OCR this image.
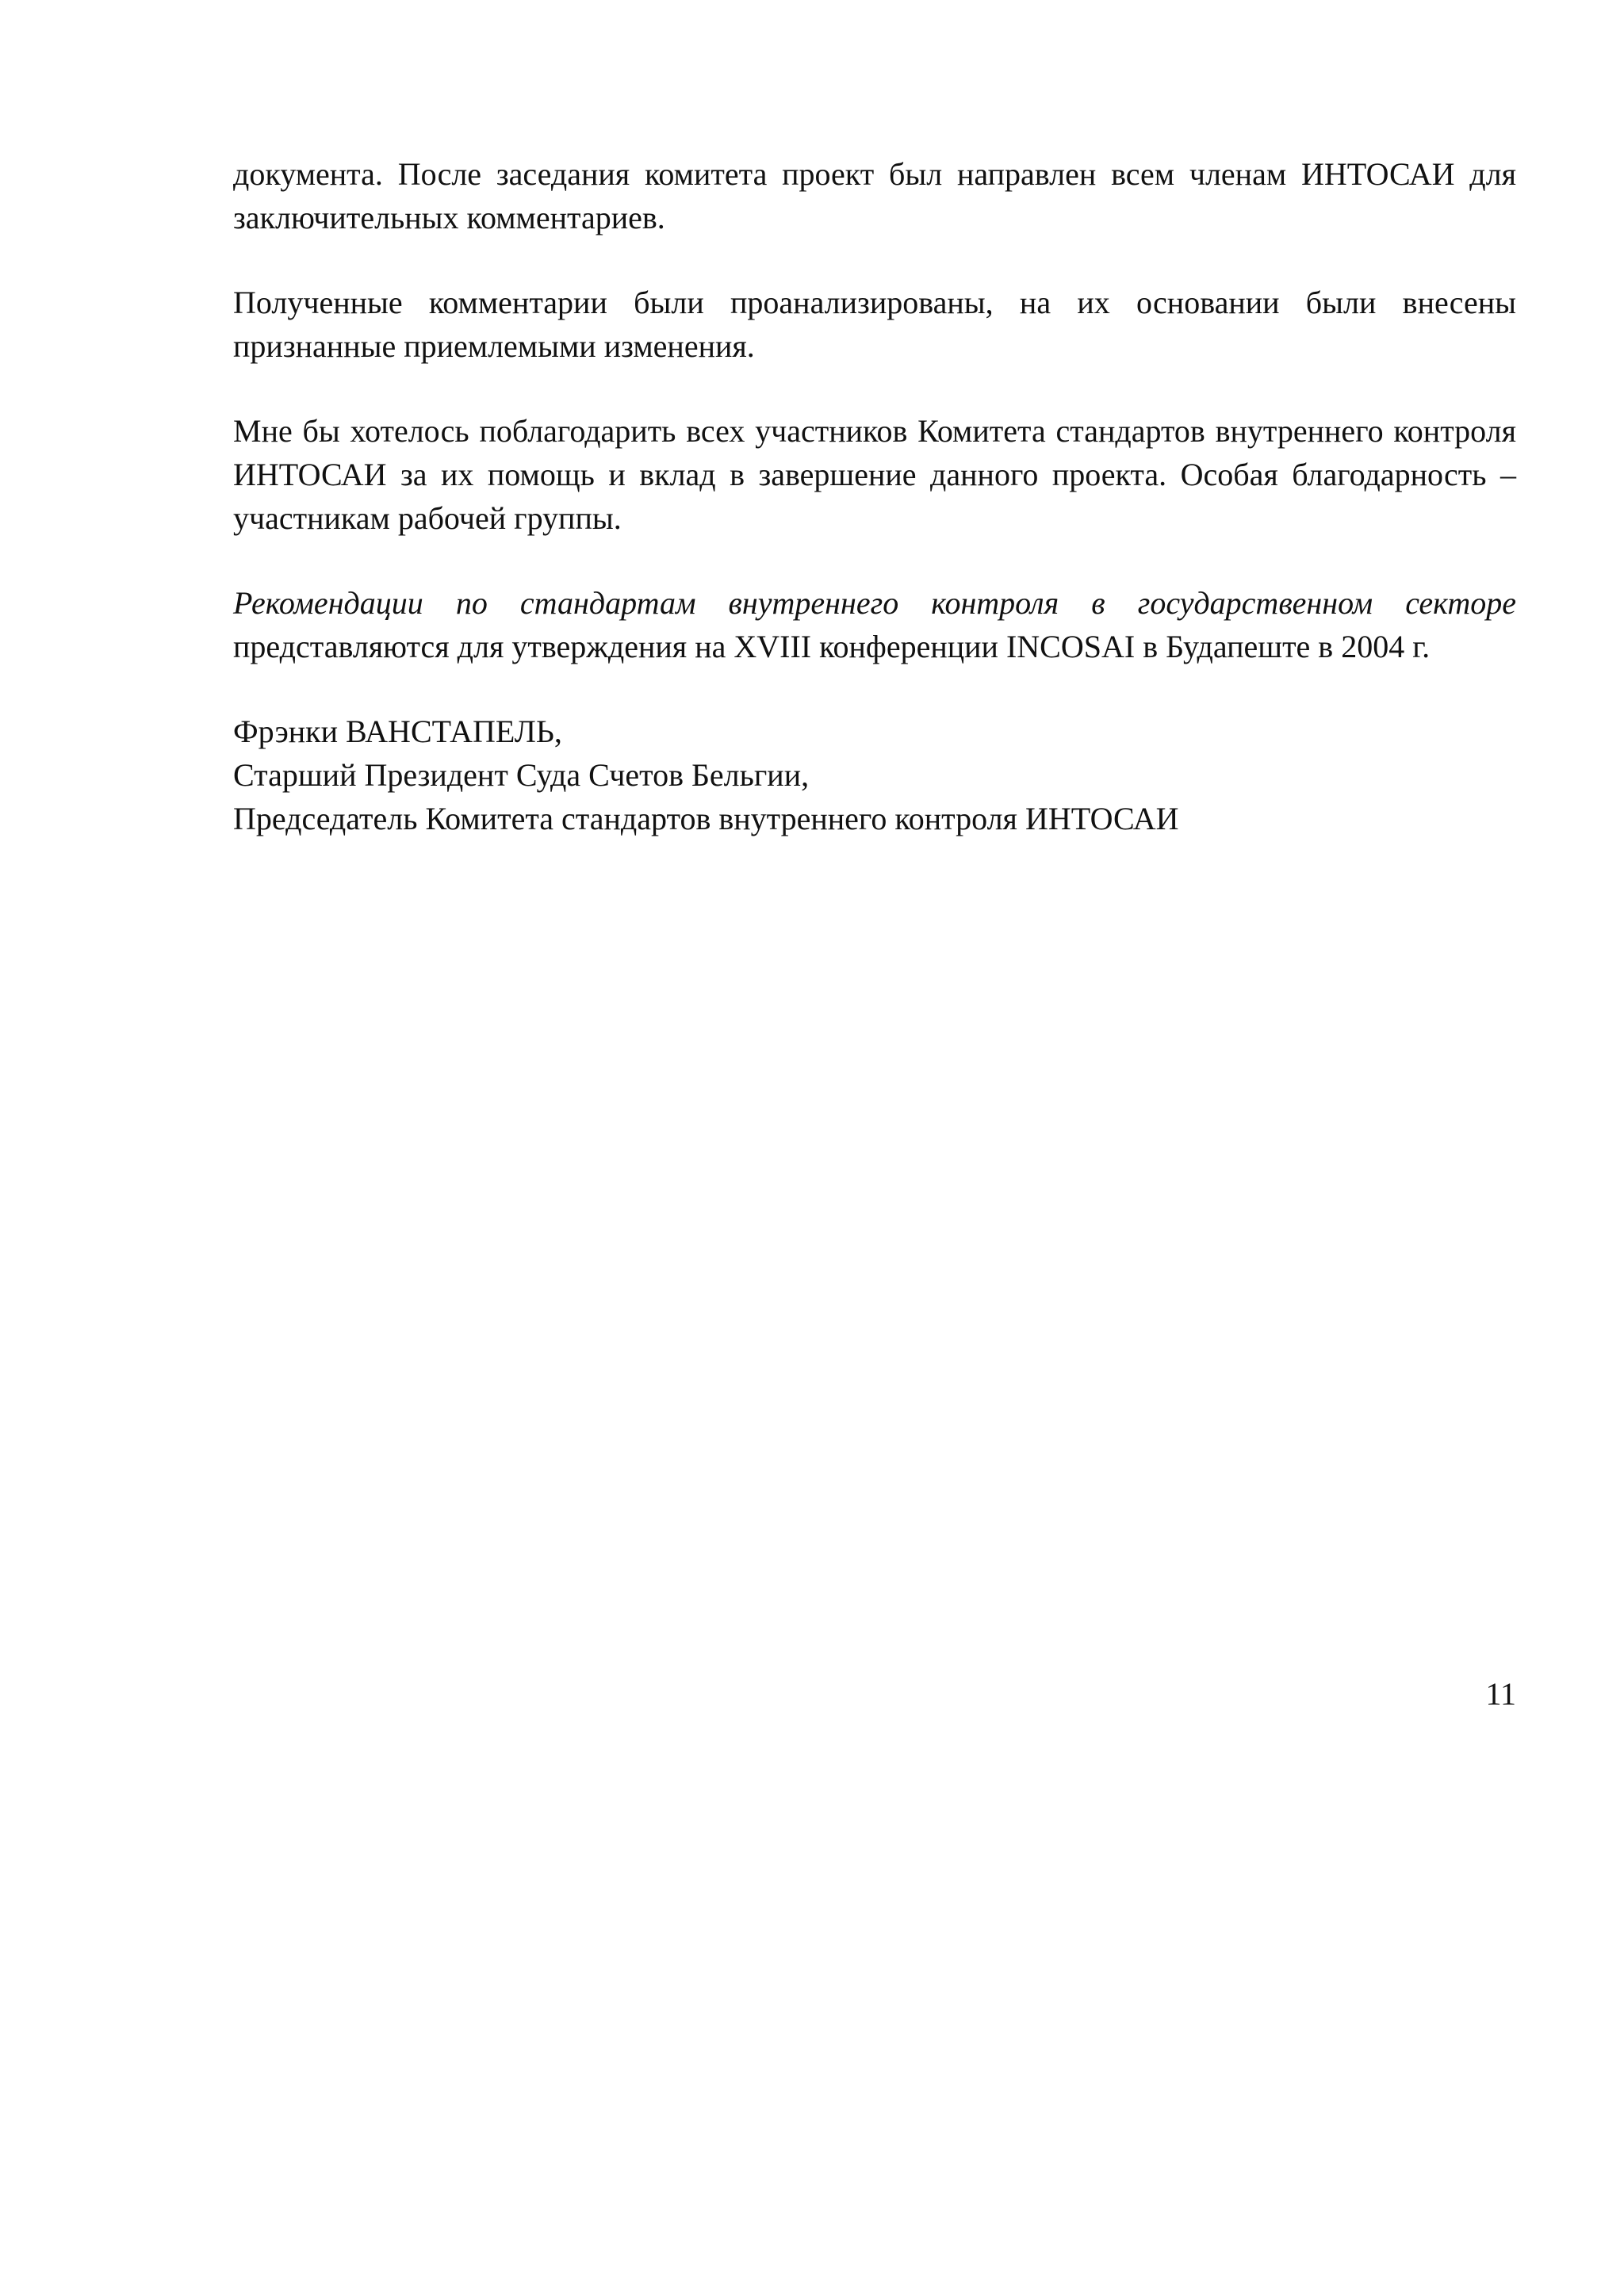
документа. После заседания комитета проект был направлен всем членам ИНТОСАИ для заключительных комментариев.

Полученные комментарии были проанализированы, на их основании были внесены признанные приемлемыми изменения.

Мне бы хотелось поблагодарить всех участников Комитета стандартов внутреннего контроля ИНТОСАИ за их помощь и вклад в завершение данного проекта. Особая благодарность – участникам рабочей группы.

Рекомендации по стандартам внутреннего контроля в государственном секторе представляются для утверждения на XVIII конференции INCOSAI в Будапеште в 2004 г.

Фрэнки ВАНСТАПЕЛЬ,
Старший Президент Суда Счетов Бельгии,
Председатель Комитета стандартов внутреннего контроля ИНТОСАИ
11
